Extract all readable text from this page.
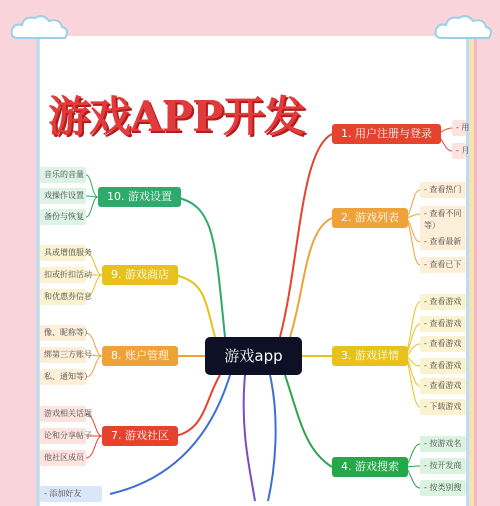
游戏APP开发
游戏app
1. 用户注册与登录
2. 游戏列表
3. 游戏详情
4. 游戏搜索
10. 游戏设置
9. 游戏商店
8. 账户管理
7. 游戏社区
- 用
- 月
- 查看热门
- 查看不同
等）
- 查看最新
- 查看已下
- 查看游戏
- 查看游戏
- 查看游戏
- 查看游戏
- 查看游戏
- 下载游戏
- 按游戏名
- 按开发商
- 按类别搜
音乐的音量
戏操作设置
备份与恢复
具或增值服务
扣或折扣活动
和优惠券信息
像、昵称等）
绑第三方账号
私、通知等）
游戏相关话题
论和分享帖子
他社区成员
- 添加好友
